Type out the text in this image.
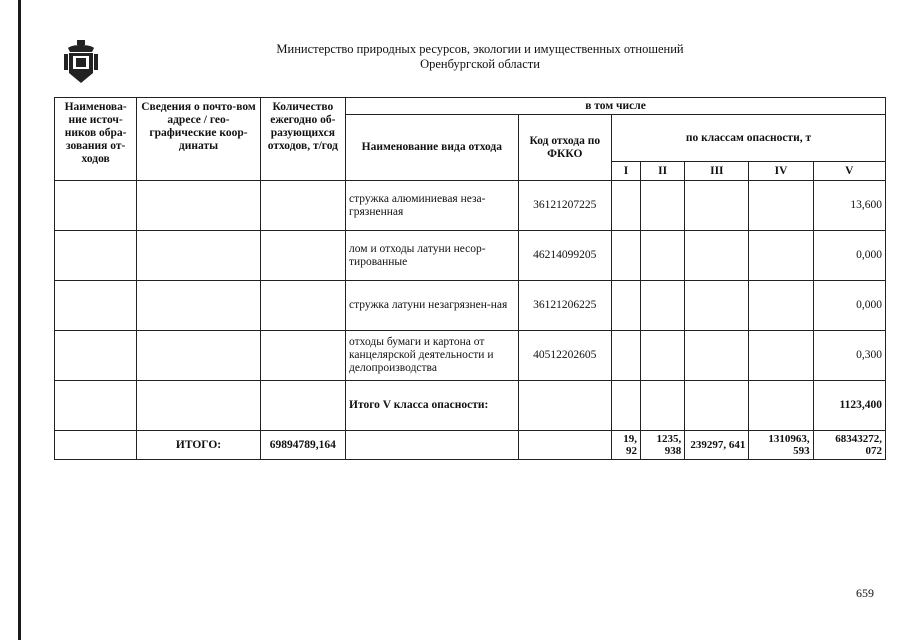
Министерство природных ресурсов, экологии и имущественных отношений
Оренбургской области
Наименова-ние источ-ников обра-зования от-ходов	Сведения о почто-вом адресе / гео-графические коор-динаты	Количество ежегодно об-разующихся отходов, т/год	в том числе						
			Наименование вида отхода	Код отхода по ФККО	по классам опасности, т				
					I	II	III	IV	V
			стружка алюминиевая неза-грязненная	36121207225					13,600
			лом и отходы латуни несор-тированные	46214099205					0,000
			стружка латуни незагрязнен-ная	36121206225					0,000
			отходы бумаги и картона от канцелярской деятельности и делопроизводства	40512202605					0,300
			Итого V класса опасности:						1123,400
	ИТОГО:	69894789,164			19, 92	1235, 938	239297, 641	1310963, 593	68343272, 072
659
